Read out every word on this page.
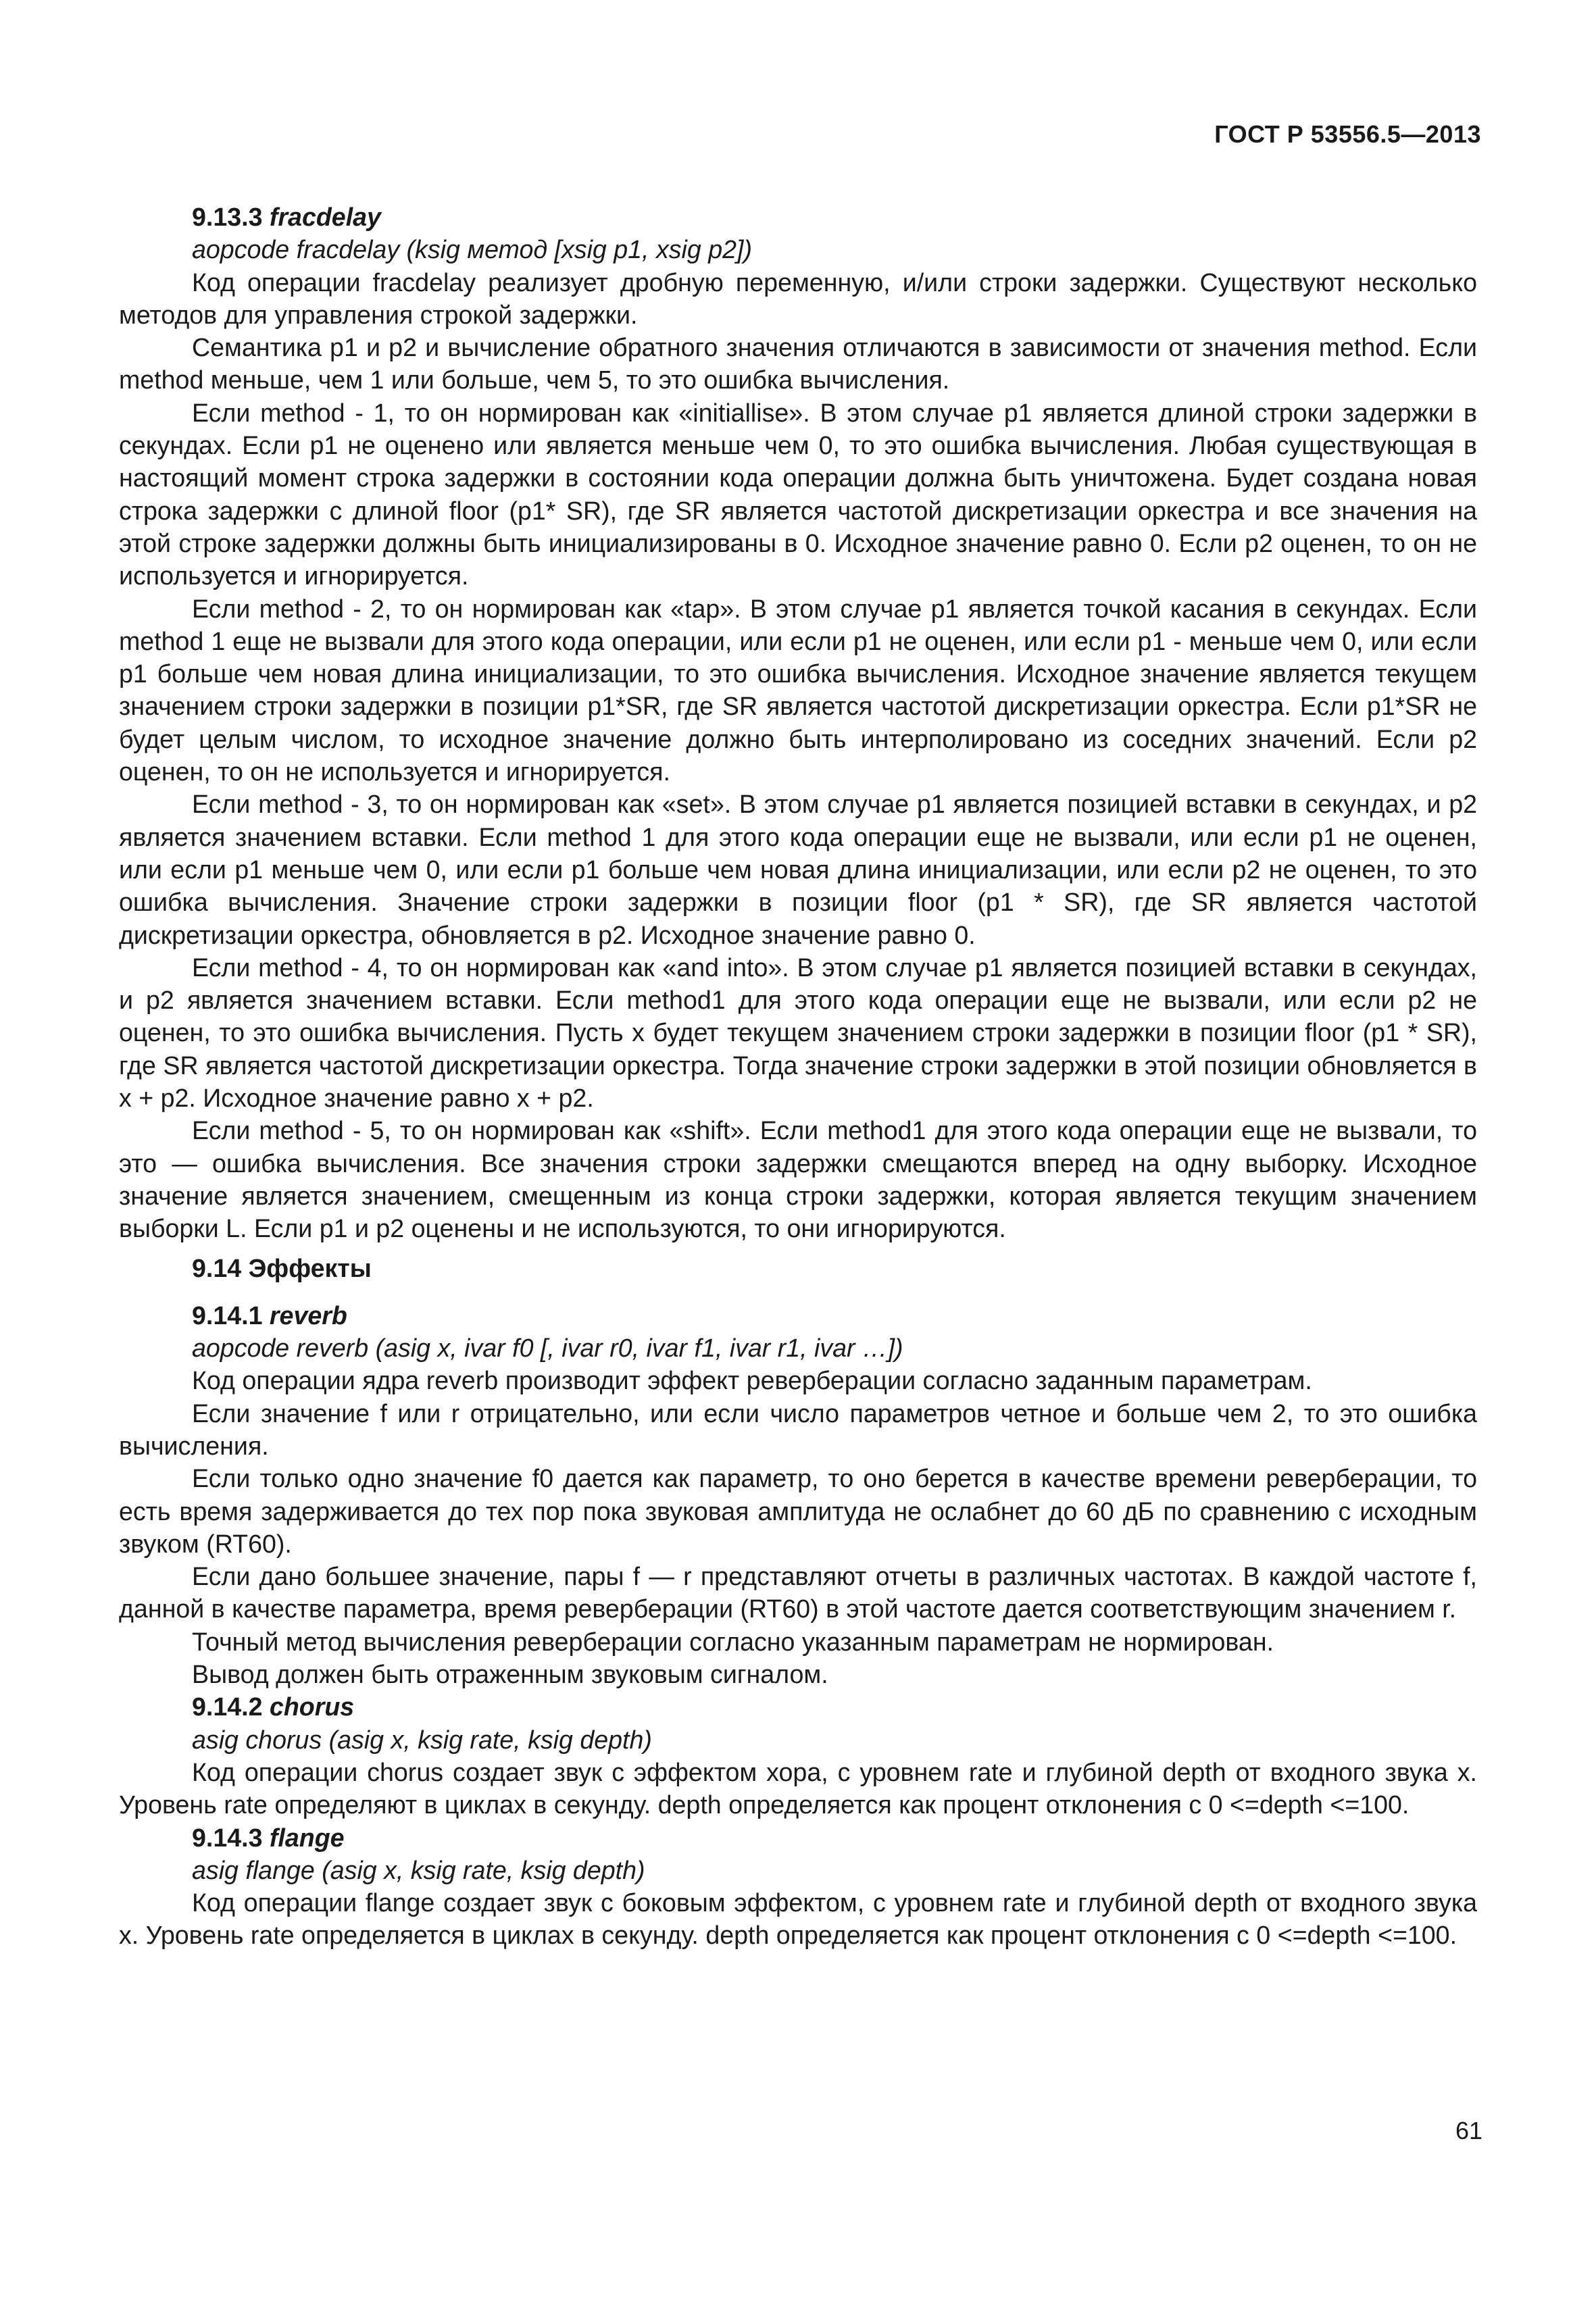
ГОСТ Р 53556.5—2013

9.13.3 fracdelay

aopcode fracdelay (ksig метод [xsig p1, xsig p2])

Код операции fracdelay реализует дробную переменную, и/или строки задержки. Существуют несколько методов для управления строкой задержки.

Семантика p1 и p2 и вычисление обратного значения отличаются в зависимости от значения method. Если method меньше, чем 1 или больше, чем 5, то это ошибка вычисления.

Если method - 1, то он нормирован как «initiallise». В этом случае p1 является длиной строки задержки в секундах. Если p1 не оценено или является меньше чем 0, то это ошибка вычисления. Любая существующая в настоящий момент строка задержки в состоянии кода операции должна быть уничтожена. Будет создана новая строка задержки с длиной floor (p1* SR), где SR является частотой дискретизации оркестра и все значения на этой строке задержки должны быть инициализированы в 0. Исходное значение равно 0. Если p2 оценен, то он не используется и игнорируется.

Если method - 2, то он нормирован как «tap». В этом случае p1 является точкой касания в секундах. Если method 1 еще не вызвали для этого кода операции, или если p1 не оценен, или если p1 - меньше чем 0, или если p1 больше чем новая длина инициализации, то это ошибка вычисления. Исходное значение является текущем значением строки задержки в позиции p1*SR, где SR является частотой дискретизации оркестра. Если p1*SR не будет целым числом, то исходное значение должно быть интерполировано из соседних значений. Если p2 оценен, то он не используется и игнорируется.

Если method - 3, то он нормирован как «set». В этом случае p1 является позицией вставки в секундах, и p2 является значением вставки. Если method 1 для этого кода операции еще не вызвали, или если p1 не оценен, или если p1 меньше чем 0, или если p1 больше чем новая длина инициализации, или если p2 не оценен, то это ошибка вычисления. Значение строки задержки в позиции floor (p1 * SR), где SR является частотой дискретизации оркестра, обновляется в p2. Исходное значение равно 0.

Если method - 4, то он нормирован как «and into». В этом случае p1 является позицией вставки в секундах, и p2 является значением вставки. Если method1 для этого кода операции еще не вызвали, или если p2 не оценен, то это ошибка вычисления. Пусть x будет текущем значением строки задержки в позиции floor (p1 * SR), где SR является частотой дискретизации оркестра. Тогда значение строки задержки в этой позиции обновляется в x + p2. Исходное значение равно x + p2.

Если method - 5, то он нормирован как «shift». Если method1 для этого кода операции еще не вызвали, то это — ошибка вычисления. Все значения строки задержки смещаются вперед на одну выборку. Исходное значение является значением, смещенным из конца строки задержки, которая является текущим значением выборки L. Если p1 и p2 оценены и не используются, то они игнорируются.

9.14 Эффекты

9.14.1 reverb

aopcode reverb (asig x, ivar f0 [, ivar r0, ivar f1, ivar r1, ivar …])

Код операции ядра reverb производит эффект реверберации согласно заданным параметрам.

Если значение f или r отрицательно, или если число параметров четное и больше чем 2, то это ошибка вычисления.

Если только одно значение f0 дается как параметр, то оно берется в качестве времени реверберации, то есть время задерживается до тех пор пока звуковая амплитуда не ослабнет до 60 дБ по сравнению с исходным звуком (RT60).

Если дано большее значение, пары f — r представляют отчеты в различных частотах. В каждой частоте f, данной в качестве параметра, время реверберации (RT60) в этой частоте дается соответствующим значением r.

Точный метод вычисления реверберации согласно указанным параметрам не нормирован.

Вывод должен быть отраженным звуковым сигналом.

9.14.2 chorus

asig chorus (asig x, ksig rate, ksig depth)

Код операции chorus создает звук с эффектом хора, с уровнем rate и глубиной depth от входного звука x. Уровень rate определяют в циклах в секунду. depth определяется как процент отклонения с 0 <=depth <=100.

9.14.3 flange

asig flange (asig x, ksig rate, ksig depth)

Код операции flange создает звук с боковым эффектом, с уровнем rate и глубиной depth от входного звука x. Уровень rate определяется в циклах в секунду. depth определяется как процент отклонения с 0 <=depth <=100.

61
